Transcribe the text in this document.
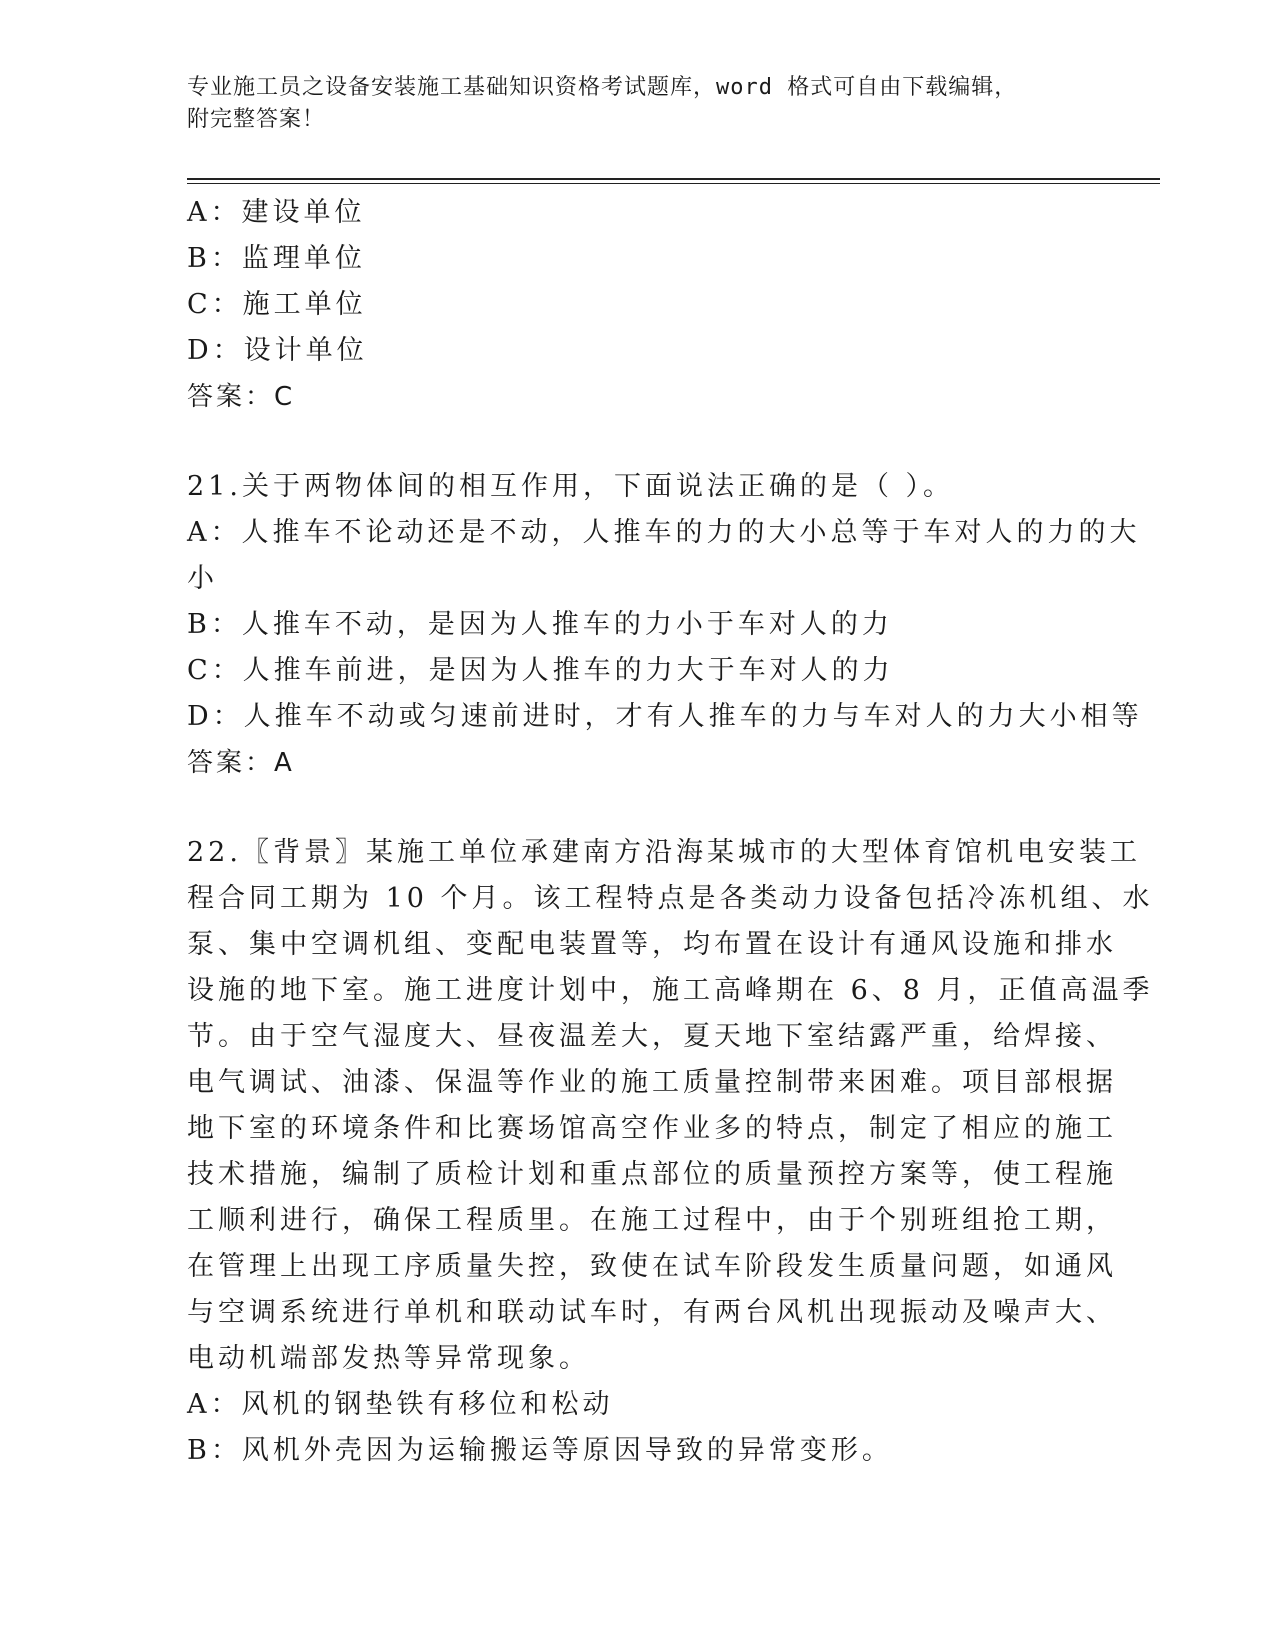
专业施工员之设备安装施工基础知识资格考试题库，word 格式可自由下载编辑，
附完整答案！
A：建设单位
B：监理单位
C：施工单位
D：设计单位
答案：C
21.关于两物体间的相互作用，下面说法正确的是（ ）。
A：人推车不论动还是不动，人推车的力的大小总等于车对人的力的大
小
B：人推车不动，是因为人推车的力小于车对人的力
C：人推车前进，是因为人推车的力大于车对人的力
D：人推车不动或匀速前进时，才有人推车的力与车对人的力大小相等
答案：A
22.〖背景〗某施工单位承建南方沿海某城市的大型体育馆机电安装工
程合同工期为 10 个月。该工程特点是各类动力设备包括冷冻机组、水
泵、集中空调机组、变配电装置等，均布置在设计有通风设施和排水
设施的地下室。施工进度计划中，施工高峰期在 6、8 月，正值高温季
节。由于空气湿度大、昼夜温差大，夏天地下室结露严重，给焊接、
电气调试、油漆、保温等作业的施工质量控制带来困难。项目部根据
地下室的环境条件和比赛场馆高空作业多的特点，制定了相应的施工
技术措施，编制了质检计划和重点部位的质量预控方案等，使工程施
工顺利进行，确保工程质里。在施工过程中，由于个别班组抢工期，
在管理上出现工序质量失控，致使在试车阶段发生质量问题，如通风
与空调系统进行单机和联动试车时，有两台风机出现振动及噪声大、
电动机端部发热等异常现象。
A：风机的钢垫铁有移位和松动
B：风机外壳因为运输搬运等原因导致的异常变形。
